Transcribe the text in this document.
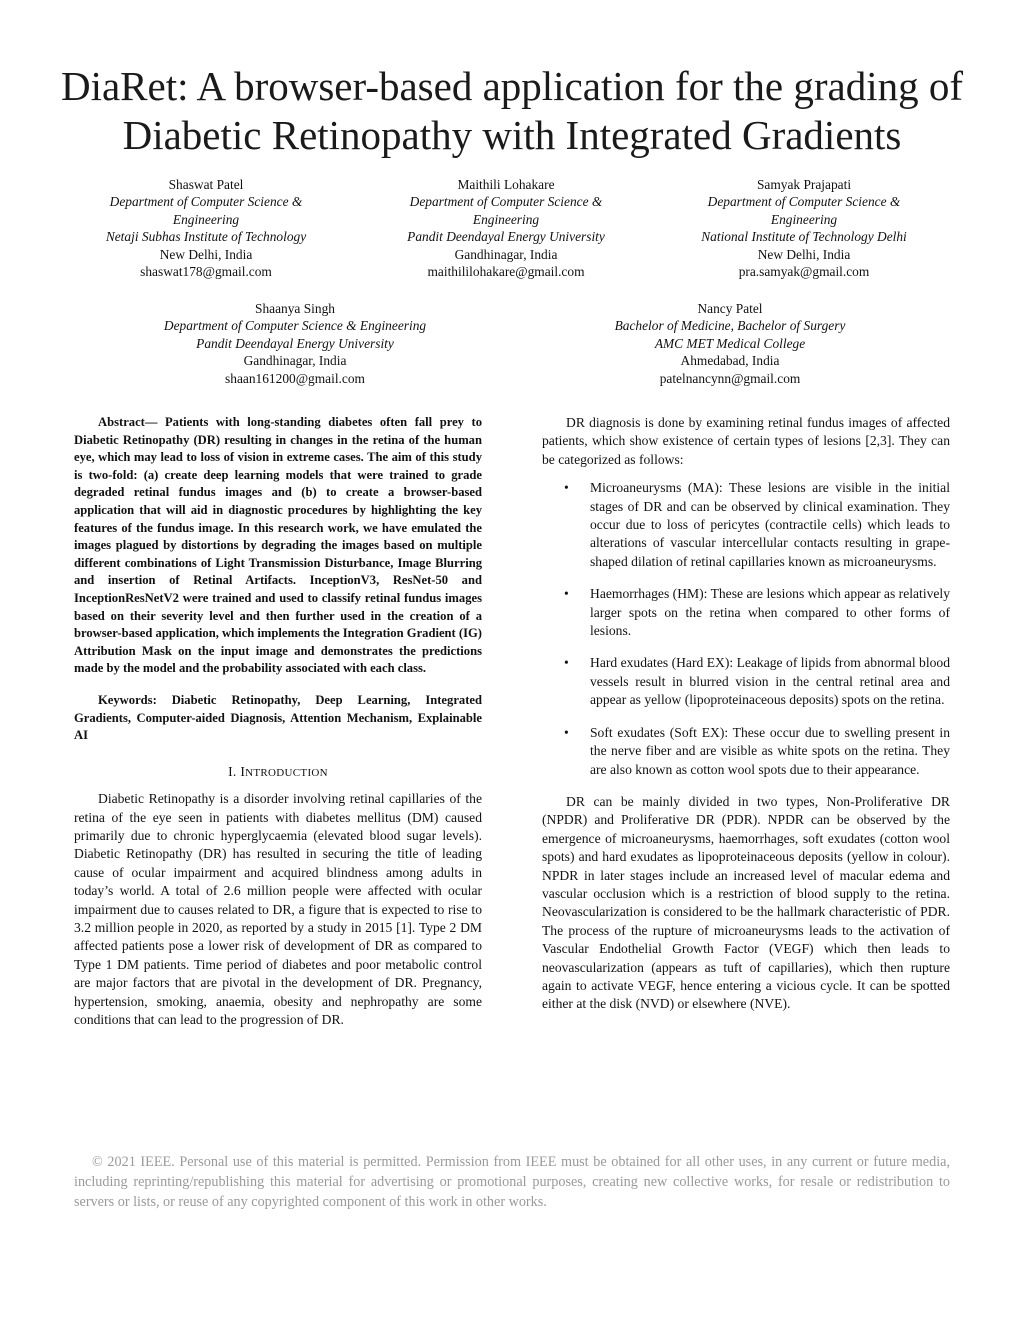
DiaRet: A browser-based application for the grading of Diabetic Retinopathy with Integrated Gradients
Shaswat Patel
Department of Computer Science & Engineering
Netaji Subhas Institute of Technology
New Delhi, India
shaswat178@gmail.com
Maithili Lohakare
Department of Computer Science & Engineering
Pandit Deendayal Energy University
Gandhinagar, India
maithililohakare@gmail.com
Samyak Prajapati
Department of Computer Science & Engineering
National Institute of Technology Delhi
New Delhi, India
pra.samyak@gmail.com
Shaanya Singh
Department of Computer Science & Engineering
Pandit Deendayal Energy University
Gandhinagar, India
shaan161200@gmail.com
Nancy Patel
Bachelor of Medicine, Bachelor of Surgery
AMC MET Medical College
Ahmedabad, India
patelnancynn@gmail.com

Abstract— Patients with long-standing diabetes often fall prey to Diabetic Retinopathy (DR) resulting in changes in the retina of the human eye, which may lead to loss of vision in extreme cases. The aim of this study is two-fold: (a) create deep learning models that were trained to grade degraded retinal fundus images and (b) to create a browser-based application that will aid in diagnostic procedures by highlighting the key features of the fundus image. In this research work, we have emulated the images plagued by distortions by degrading the images based on multiple different combinations of Light Transmission Disturbance, Image Blurring and insertion of Retinal Artifacts. InceptionV3, ResNet-50 and InceptionResNetV2 were trained and used to classify retinal fundus images based on their severity level and then further used in the creation of a browser-based application, which implements the Integration Gradient (IG) Attribution Mask on the input image and demonstrates the predictions made by the model and the probability associated with each class.

Keywords: Diabetic Retinopathy, Deep Learning, Integrated Gradients, Computer-aided Diagnosis, Attention Mechanism, Explainable AI

I. INTRODUCTION

Diabetic Retinopathy is a disorder involving retinal capillaries of the retina of the eye seen in patients with diabetes mellitus (DM) caused primarily due to chronic hyperglycaemia (elevated blood sugar levels). Diabetic Retinopathy (DR) has resulted in securing the title of leading cause of ocular impairment and acquired blindness among adults in today’s world. A total of 2.6 million people were affected with ocular impairment due to causes related to DR, a figure that is expected to rise to 3.2 million people in 2020, as reported by a study in 2015 [1]. Type 2 DM affected patients pose a lower risk of development of DR as compared to Type 1 DM patients. Time period of diabetes and poor metabolic control are major factors that are pivotal in the development of DR. Pregnancy, hypertension, smoking, anaemia, obesity and nephropathy are some conditions that can lead to the progression of DR.

DR diagnosis is done by examining retinal fundus images of affected patients, which show existence of certain types of lesions [2,3]. They can be categorized as follows:

• Microaneurysms (MA): These lesions are visible in the initial stages of DR and can be observed by clinical examination. They occur due to loss of pericytes (contractile cells) which leads to alterations of vascular intercellular contacts resulting in grape-shaped dilation of retinal capillaries known as microaneurysms.
• Haemorrhages (HM): These are lesions which appear as relatively larger spots on the retina when compared to other forms of lesions.
• Hard exudates (Hard EX): Leakage of lipids from abnormal blood vessels result in blurred vision in the central retinal area and appear as yellow (lipoproteinaceous deposits) spots on the retina.
• Soft exudates (Soft EX): These occur due to swelling present in the nerve fiber and are visible as white spots on the retina. They are also known as cotton wool spots due to their appearance.

DR can be mainly divided in two types, Non-Proliferative DR (NPDR) and Proliferative DR (PDR). NPDR can be observed by the emergence of microaneurysms, haemorrhages, soft exudates (cotton wool spots) and hard exudates as lipoproteinaceous deposits (yellow in colour). NPDR in later stages include an increased level of macular edema and vascular occlusion which is a restriction of blood supply to the retina. Neovascularization is considered to be the hallmark characteristic of PDR. The process of the rupture of microaneurysms leads to the activation of Vascular Endothelial Growth Factor (VEGF) which then leads to neovascularization (appears as tuft of capillaries), which then rupture again to activate VEGF, hence entering a vicious cycle. It can be spotted either at the disk (NVD) or elsewhere (NVE).

© 2021 IEEE. Personal use of this material is permitted. Permission from IEEE must be obtained for all other uses, in any current or future media, including reprinting/republishing this material for advertising or promotional purposes, creating new collective works, for resale or redistribution to servers or lists, or reuse of any copyrighted component of this work in other works.
